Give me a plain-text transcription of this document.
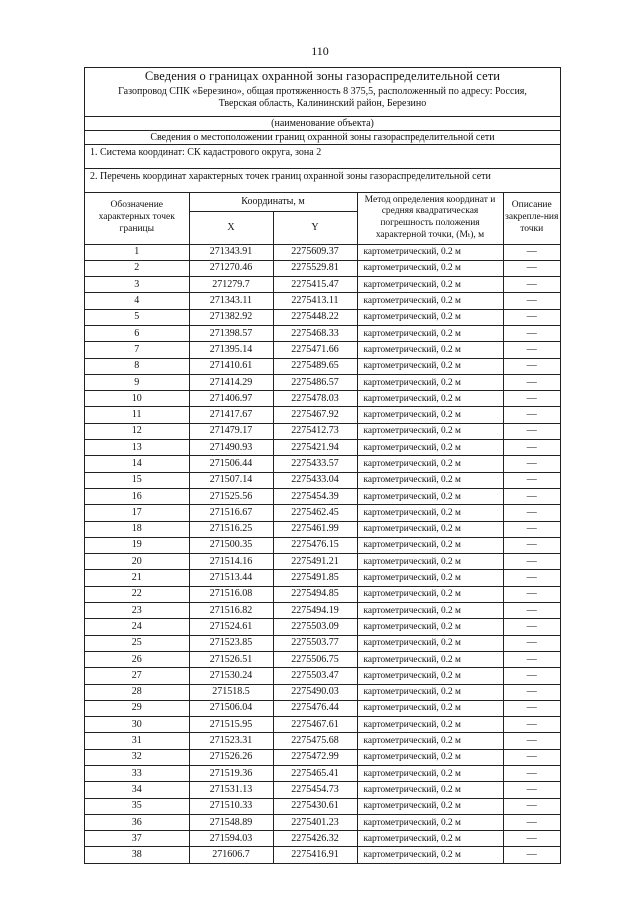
110
Сведения о границах охранной зоны газораспределительной сети
Газопровод СПК «Березино», общая протяженность 8 375,5, расположенный по адресу: Россия,
Тверская область, Калининский район, Березино
(наименование объекта)
Сведения о местоположении границ охранной зоны газораспределительной сети
1. Система координат: СК кадастрового округа, зона 2
2. Перечень координат характерных точек границ охранной зоны газораспределительной сети
Обозначение характерных точек границы	Координаты, м		Метод определения координат и средняя квадратическая погрешность положения характерной точки, (Mₜ), м	Описание закрепле-ния точки
	X	Y		
1	271343.91	2275609.37	картометрический, 0.2 м	—
2	271270.46	2275529.81	картометрический, 0.2 м	—
3	271279.7	2275415.47	картометрический, 0.2 м	—
4	271343.11	2275413.11	картометрический, 0.2 м	—
5	271382.92	2275448.22	картометрический, 0.2 м	—
6	271398.57	2275468.33	картометрический, 0.2 м	—
7	271395.14	2275471.66	картометрический, 0.2 м	—
8	271410.61	2275489.65	картометрический, 0.2 м	—
9	271414.29	2275486.57	картометрический, 0.2 м	—
10	271406.97	2275478.03	картометрический, 0.2 м	—
11	271417.67	2275467.92	картометрический, 0.2 м	—
12	271479.17	2275412.73	картометрический, 0.2 м	—
13	271490.93	2275421.94	картометрический, 0.2 м	—
14	271506.44	2275433.57	картометрический, 0.2 м	—
15	271507.14	2275433.04	картометрический, 0.2 м	—
16	271525.56	2275454.39	картометрический, 0.2 м	—
17	271516.67	2275462.45	картометрический, 0.2 м	—
18	271516.25	2275461.99	картометрический, 0.2 м	—
19	271500.35	2275476.15	картометрический, 0.2 м	—
20	271514.16	2275491.21	картометрический, 0.2 м	—
21	271513.44	2275491.85	картометрический, 0.2 м	—
22	271516.08	2275494.85	картометрический, 0.2 м	—
23	271516.82	2275494.19	картометрический, 0.2 м	—
24	271524.61	2275503.09	картометрический, 0.2 м	—
25	271523.85	2275503.77	картометрический, 0.2 м	—
26	271526.51	2275506.75	картометрический, 0.2 м	—
27	271530.24	2275503.47	картометрический, 0.2 м	—
28	271518.5	2275490.03	картометрический, 0.2 м	—
29	271506.04	2275476.44	картометрический, 0.2 м	—
30	271515.95	2275467.61	картометрический, 0.2 м	—
31	271523.31	2275475.68	картометрический, 0.2 м	—
32	271526.26	2275472.99	картометрический, 0.2 м	—
33	271519.36	2275465.41	картометрический, 0.2 м	—
34	271531.13	2275454.73	картометрический, 0.2 м	—
35	271510.33	2275430.61	картометрический, 0.2 м	—
36	271548.89	2275401.23	картометрический, 0.2 м	—
37	271594.03	2275426.32	картометрический, 0.2 м	—
38	271606.7	2275416.91	картометрический, 0.2 м	—
